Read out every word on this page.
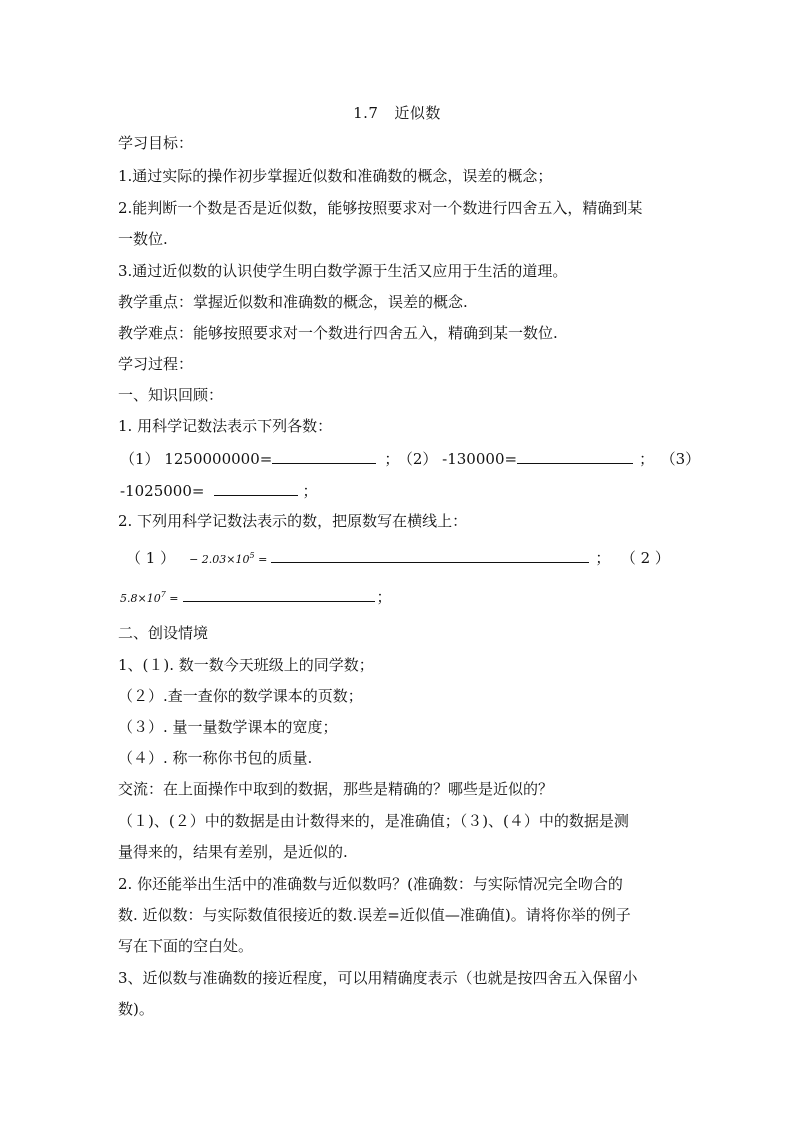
1.7 近似数
学习目标：
1.通过实际的操作初步掌握近似数和准确数的概念，误差的概念；
2.能判断一个数是否是近似数，能够按照要求对一个数进行四舍五入，精确到某
一数位.
3.通过近似数的认识使学生明白数学源于生活又应用于生活的道理。
教学重点：掌握近似数和准确数的概念，误差的概念.
教学难点：能够按照要求对一个数进行四舍五入，精确到某一数位.
学习过程：
一、知识回顾：
1. 用科学记数法表示下列各数：
（1） 1250000000=	； （2） -130000=	； （3）
-1025000=	；
2. 下列用科学记数法表示的数，把原数写在横线上：
（ 1 ） − $2.03\times 10^5$ =	； （ 2 ）
$5.8\times 10^7$ =	；
二、创设情境
1、(１). 数一数今天班级上的同学数；
（２）.查一查你的数学课本的页数；
（３）. 量一量数学课本的宽度；
（４）. 称一称你书包的质量.
交流：在上面操作中取到的数据，那些是精确的？哪些是近似的？
（１)、(２）中的数据是由计数得来的，是准确值；（３)、(４）中的数据是测
量得来的，结果有差别，是近似的.
2. 你还能举出生活中的准确数与近似数吗？(准确数：与实际情况完全吻合的
数. 近似数：与实际数值很接近的数.误差=近似值—准确值)。请将你举的例子
写在下面的空白处。
3、近似数与准确数的接近程度，可以用精确度表示（也就是按四舍五入保留小
数)。
